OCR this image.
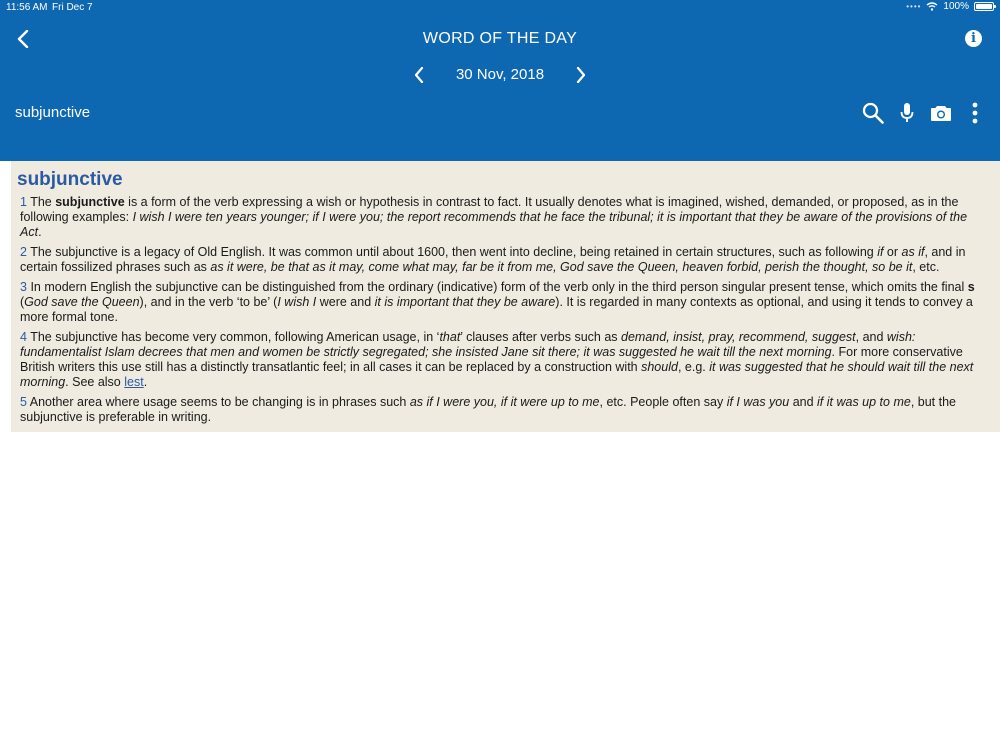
11:56 AM Fri Dec 7	•••• 100%
WORD OF THE DAY	i
30 Nov, 2018
subjunctive
subjunctive

1 The subjunctive is a form of the verb expressing a wish or hypothesis in contrast to fact. It usually denotes what is imagined, wished, demanded, or proposed, as in the following examples: I wish I were ten years younger; if I were you; the report recommends that he face the tribunal; it is important that they be aware of the provisions of the Act.

2 The subjunctive is a legacy of Old English. It was common until about 1600, then went into decline, being retained in certain structures, such as following if or as if, and in certain fossilized phrases such as as it were, be that as it may, come what may, far be it from me, God save the Queen, heaven forbid, perish the thought, so be it, etc.

3 In modern English the subjunctive can be distinguished from the ordinary (indicative) form of the verb only in the third person singular present tense, which omits the final s (God save the Queen), and in the verb ‘to be’ (I wish I were and it is important that they be aware). It is regarded in many contexts as optional, and using it tends to convey a more formal tone.

4 The subjunctive has become very common, following American usage, in ‘that’ clauses after verbs such as demand, insist, pray, recommend, suggest, and wish: fundamentalist Islam decrees that men and women be strictly segregated; she insisted Jane sit there; it was suggested he wait till the next morning. For more conservative British writers this use still has a distinctly transatlantic feel; in all cases it can be replaced by a construction with should, e.g. it was suggested that he should wait till the next morning. See also lest.

5 Another area where usage seems to be changing is in phrases such as if I were you, if it were up to me, etc. People often say if I was you and if it was up to me, but the subjunctive is preferable in writing.
